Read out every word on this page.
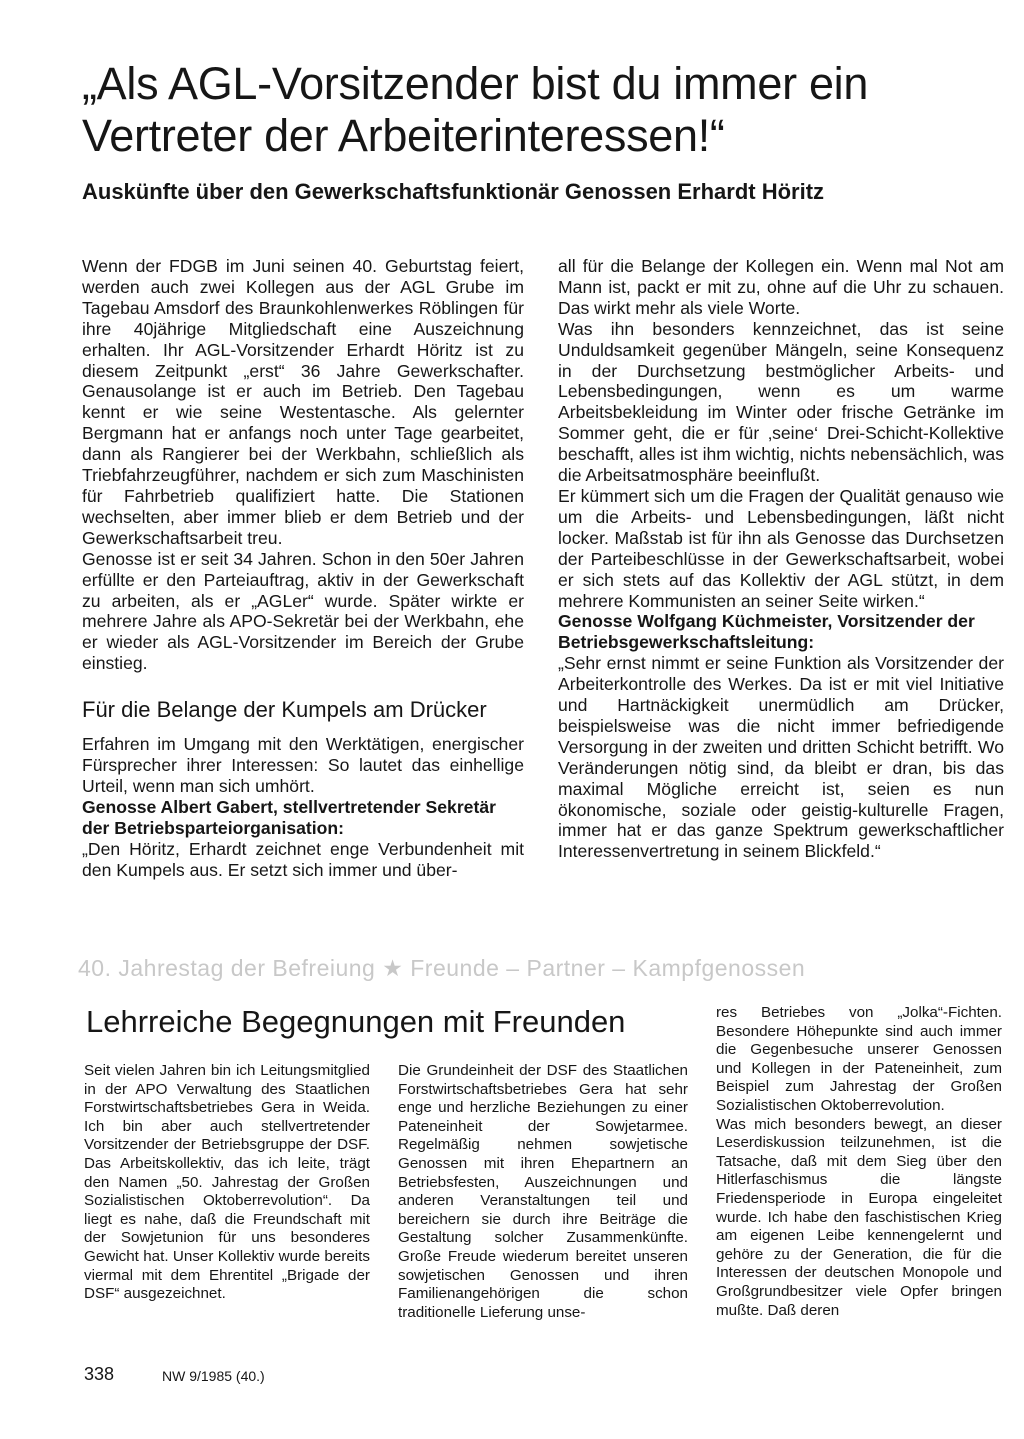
„Als AGL-Vorsitzender bist du immer ein Vertreter der Arbeiterinteressen!“
Auskünfte über den Gewerkschaftsfunktionär Genossen Erhardt Höritz

Wenn der FDGB im Juni seinen 40. Geburtstag feiert, werden auch zwei Kollegen aus der AGL Grube im Tagebau Amsdorf des Braunkohlenwerkes Röblingen für ihre 40jährige Mitgliedschaft eine Auszeichnung erhalten. Ihr AGL-Vorsitzender Erhardt Höritz ist zu diesem Zeitpunkt „erst“ 36 Jahre Gewerkschafter. Genausolange ist er auch im Betrieb. Den Tagebau kennt er wie seine Westentasche. Als gelernter Bergmann hat er anfangs noch unter Tage gearbeitet, dann als Rangierer bei der Werkbahn, schließlich als Triebfahrzeugführer, nachdem er sich zum Maschinisten für Fahrbetrieb qualifiziert hatte. Die Stationen wechselten, aber immer blieb er dem Betrieb und der Gewerkschaftsarbeit treu.

Genosse ist er seit 34 Jahren. Schon in den 50er Jahren erfüllte er den Parteiauftrag, aktiv in der Gewerkschaft zu arbeiten, als er „AGLer“ wurde. Später wirkte er mehrere Jahre als APO-Sekretär bei der Werkbahn, ehe er wieder als AGL-Vorsitzender im Bereich der Grube einstieg.

Für die Belange der Kumpels am Drücker

Erfahren im Umgang mit den Werktätigen, energischer Fürsprecher ihrer Interessen: So lautet das einhellige Urteil, wenn man sich umhört.

Genosse Albert Gabert, stellvertretender Sekretär der Betriebsparteiorganisation:

„Den Höritz, Erhardt zeichnet enge Verbundenheit mit den Kumpels aus. Er setzt sich immer und über-

all für die Belange der Kollegen ein. Wenn mal Not am Mann ist, packt er mit zu, ohne auf die Uhr zu schauen. Das wirkt mehr als viele Worte.

Was ihn besonders kennzeichnet, das ist seine Unduldsamkeit gegenüber Mängeln, seine Konsequenz in der Durchsetzung bestmöglicher Arbeits- und Lebensbedingungen, wenn es um warme Arbeitsbekleidung im Winter oder frische Getränke im Sommer geht, die er für ‚seine‘ Drei-Schicht-Kollektive beschafft, alles ist ihm wichtig, nichts nebensächlich, was die Arbeitsatmosphäre beeinflußt.

Er kümmert sich um die Fragen der Qualität genauso wie um die Arbeits- und Lebensbedingungen, läßt nicht locker. Maßstab ist für ihn als Genosse das Durchsetzen der Parteibeschlüsse in der Gewerkschaftsarbeit, wobei er sich stets auf das Kollektiv der AGL stützt, in dem mehrere Kommunisten an seiner Seite wirken.“

Genosse Wolfgang Küchmeister, Vorsitzender der Betriebsgewerkschaftsleitung:

„Sehr ernst nimmt er seine Funktion als Vorsitzender der Arbeiterkontrolle des Werkes. Da ist er mit viel Initiative und Hartnäckigkeit unermüdlich am Drücker, beispielsweise was die nicht immer befriedigende Versorgung in der zweiten und dritten Schicht betrifft. Wo Veränderungen nötig sind, da bleibt er dran, bis das maximal Mögliche erreicht ist, seien es nun ökonomische, soziale oder geistig-kulturelle Fragen, immer hat er das ganze Spektrum gewerkschaftlicher Interessenvertretung in seinem Blickfeld.“

40. Jahrestag der Befreiung ★ Freunde – Partner – Kampfgenossen
Lehrreiche Begegnungen mit Freunden

Seit vielen Jahren bin ich Leitungsmitglied in der APO Verwaltung des Staatlichen Forstwirtschaftsbetriebes Gera in Weida. Ich bin aber auch stellvertretender Vorsitzender der Betriebsgruppe der DSF. Das Arbeitskollektiv, das ich leite, trägt den Namen „50. Jahrestag der Großen Sozialistischen Oktoberrevolution“. Da liegt es nahe, daß die Freundschaft mit der Sowjetunion für uns besonderes Gewicht hat. Unser Kollektiv wurde bereits viermal mit dem Ehrentitel „Brigade der DSF“ ausgezeichnet.

Die Grundeinheit der DSF des Staatlichen Forstwirtschaftsbetriebes Gera hat sehr enge und herzliche Beziehungen zu einer Pateneinheit der Sowjetarmee. Regelmäßig nehmen sowjetische Genossen mit ihren Ehepartnern an Betriebsfesten, Auszeichnungen und anderen Veranstaltungen teil und bereichern sie durch ihre Beiträge die Gestaltung solcher Zusammenkünfte. Große Freude wiederum bereitet unseren sowjetischen Genossen und ihren Familienangehörigen die schon traditionelle Lieferung unse-

res Betriebes von „Jolka“-Fichten. Besondere Höhepunkte sind auch immer die Gegenbesuche unserer Genossen und Kollegen in der Pateneinheit, zum Beispiel zum Jahrestag der Großen Sozialistischen Oktoberrevolution.

Was mich besonders bewegt, an dieser Leserdiskussion teilzunehmen, ist die Tatsache, daß mit dem Sieg über den Hitlerfaschismus die längste Friedensperiode in Europa eingeleitet wurde. Ich habe den faschistischen Krieg am eigenen Leibe kennengelernt und gehöre zu der Generation, die für die Interessen der deutschen Monopole und Großgrundbesitzer viele Opfer bringen mußte. Daß deren

338	NW 9/1985 (40.)
